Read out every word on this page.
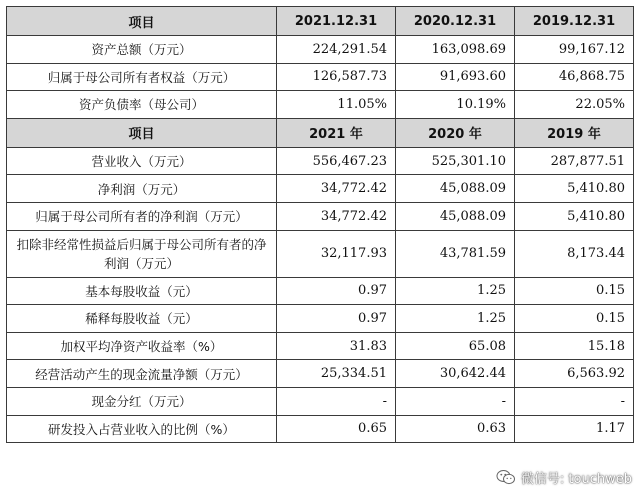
项目	2021.12.31	2020.12.31	2019.12.31
资产总额（万元）	224,291.54	163,098.69	99,167.12
归属于母公司所有者权益（万元）	126,587.73	91,693.60	46,868.75
资产负债率（母公司）	11.05%	10.19%	22.05%
项目	2021 年	2020 年	2019 年
营业收入（万元）	556,467.23	525,301.10	287,877.51
净利润（万元）	34,772.42	45,088.09	5,410.80
归属于母公司所有者的净利润（万元）	34,772.42	45,088.09	5,410.80
扣除非经常性损益后归属于母公司所有者的净利润（万元）	32,117.93	43,781.59	8,173.44
基本每股收益（元）	0.97	1.25	0.15
稀释每股收益（元）	0.97	1.25	0.15
加权平均净资产收益率（%）	31.83	65.08	15.18
经营活动产生的现金流量净额（万元）	25,334.51	30,642.44	6,563.92
现金分红（万元）	-	-	-
研发投入占营业收入的比例（%）	0.65	0.63	1.17
微信号: touchweb
